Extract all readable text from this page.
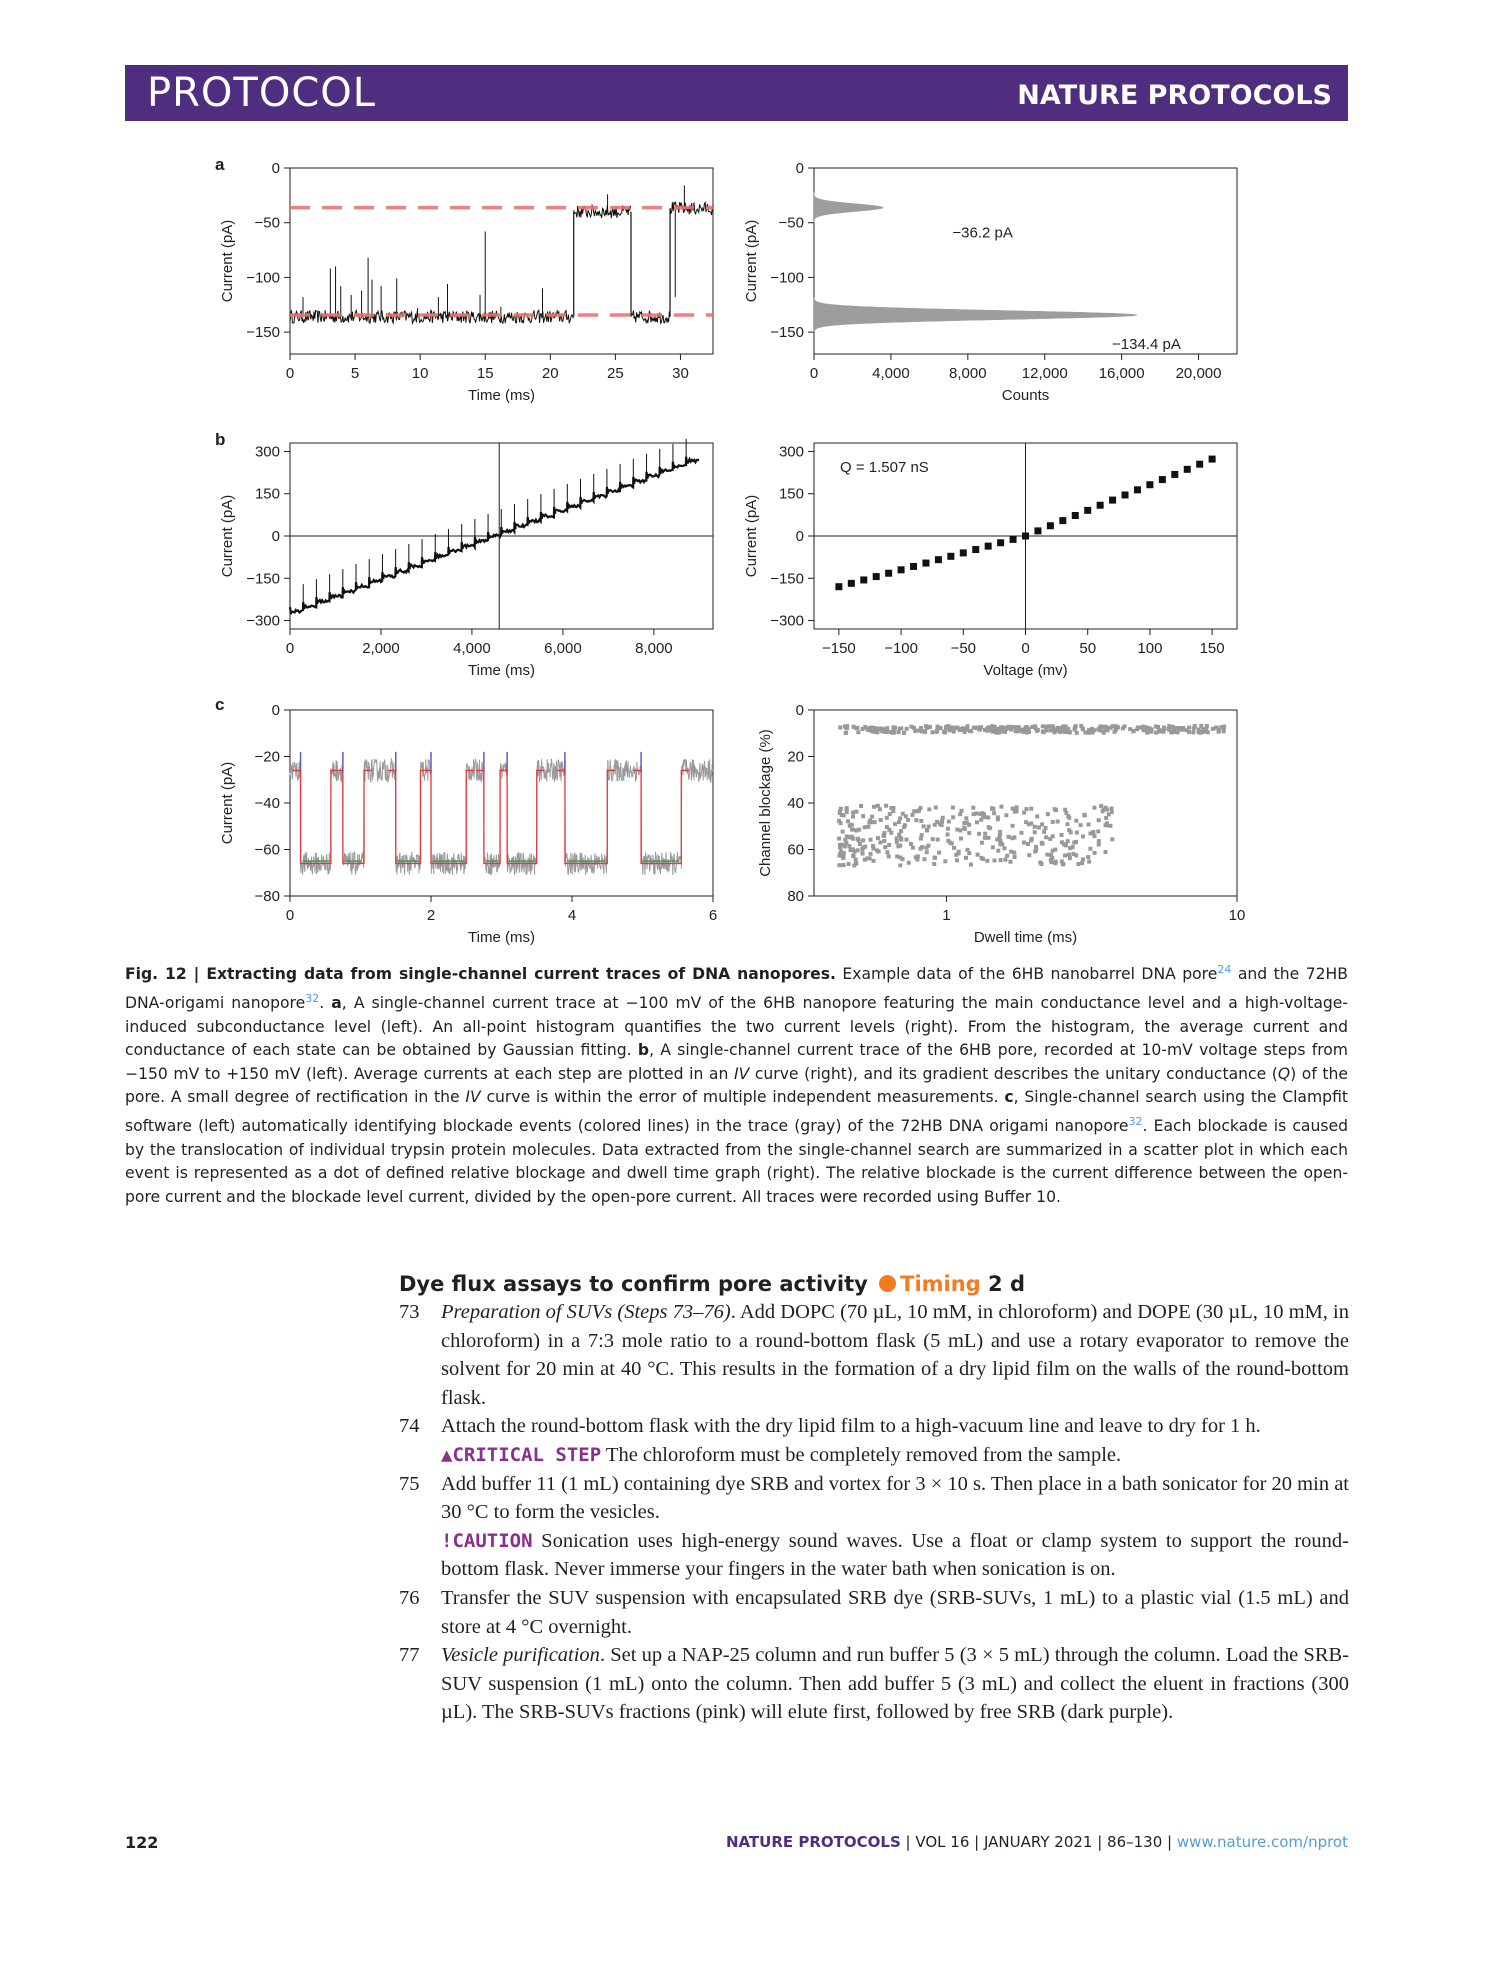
PROTOCOL	NATURE PROTOCOLS
a
b
c
0	5	10	15	20	25	30
0
−50
−100
−150
Time (ms)
Current (pA)
0	4,000	8,000 12,000 16,000 20,000
0
−50
−100
−150
Counts
Current (pA)	−36.2 pA
−134.4 pA
0	2,000	4,000	6,000	8,000
300
150
0
−150
−300
Time (ms)
Current (pA)
−150 −100 −50	0	50	100 150
300
150
0
−150
−300
Voltage (mv)
Current (pA)
Q = 1.507 nS
0	2	4	6
0
−20
−40
−60
−80
Time (ms)
Current (pA)
1	10
0
20
40
60
80
Dwell time (ms)
Channel blockage (%)
Fig. 12 | Extracting data from single-channel current traces of DNA nanopores. Example data of the 6HB nanobarrel DNA pore$^{24}$ and the 72HB DNA-origami nanopore$^{32}$. a, A single-channel current trace at −100 mV of the 6HB nanopore featuring the main conductance level and a high-voltage-induced subconductance level (left). An all-point histogram quantifies the two current levels (right). From the histogram, the average current and conductance of each state can be obtained by Gaussian fitting. b, A single-channel current trace of the 6HB pore, recorded at 10-mV voltage steps from −150 mV to +150 mV (left). Average currents at each step are plotted in an IV curve (right), and its gradient describes the unitary conductance (Q) of the pore. A small degree of rectification in the IV curve is within the error of multiple independent measurements. c, Single-channel search using the Clampfit software (left) automatically identifying blockade events (colored lines) in the trace (gray) of the 72HB DNA origami nanopore$^{32}$. Each blockade is caused by the translocation of individual trypsin protein molecules. Data extracted from the single-channel search are summarized in a scatter plot in which each event is represented as a dot of defined relative blockage and dwell time graph (right). The relative blockade is the current difference between the open-pore current and the blockade level current, divided by the open-pore current. All traces were recorded using Buffer 10.
Dye flux assays to confirm pore activity Timing 2 d
73 Preparation of SUVs (Steps 73–76). Add DOPC (70 µL, 10 mM, in chloroform) and DOPE (30 µL, 10 mM, in chloroform) in a 7:3 mole ratio to a round-bottom flask (5 mL) and use a rotary evaporator to remove the solvent for 20 min at 40 °C. This results in the formation of a dry lipid film on the walls of the round-bottom flask.
74 Attach the round-bottom flask with the dry lipid film to a high-vacuum line and leave to dry for 1 h.
▲CRITICAL STEP The chloroform must be completely removed from the sample.
75 Add buffer 11 (1 mL) containing dye SRB and vortex for 3 × 10 s. Then place in a bath sonicator for 20 min at 30 °C to form the vesicles.
!CAUTION Sonication uses high-energy sound waves. Use a float or clamp system to support the round-bottom flask. Never immerse your fingers in the water bath when sonication is on.
76 Transfer the SUV suspension with encapsulated SRB dye (SRB-SUVs, 1 mL) to a plastic vial (1.5 mL) and store at 4 °C overnight.
77 Vesicle purification. Set up a NAP-25 column and run buffer 5 (3 × 5 mL) through the column. Load the SRB-SUV suspension (1 mL) onto the column. Then add buffer 5 (3 mL) and collect the eluent in fractions (300 µL). The SRB-SUVs fractions (pink) will elute first, followed by free SRB (dark purple).
122	NATURE PROTOCOLS | VOL 16 | JANUARY 2021 | 86–130 | www.nature.com/nprot
